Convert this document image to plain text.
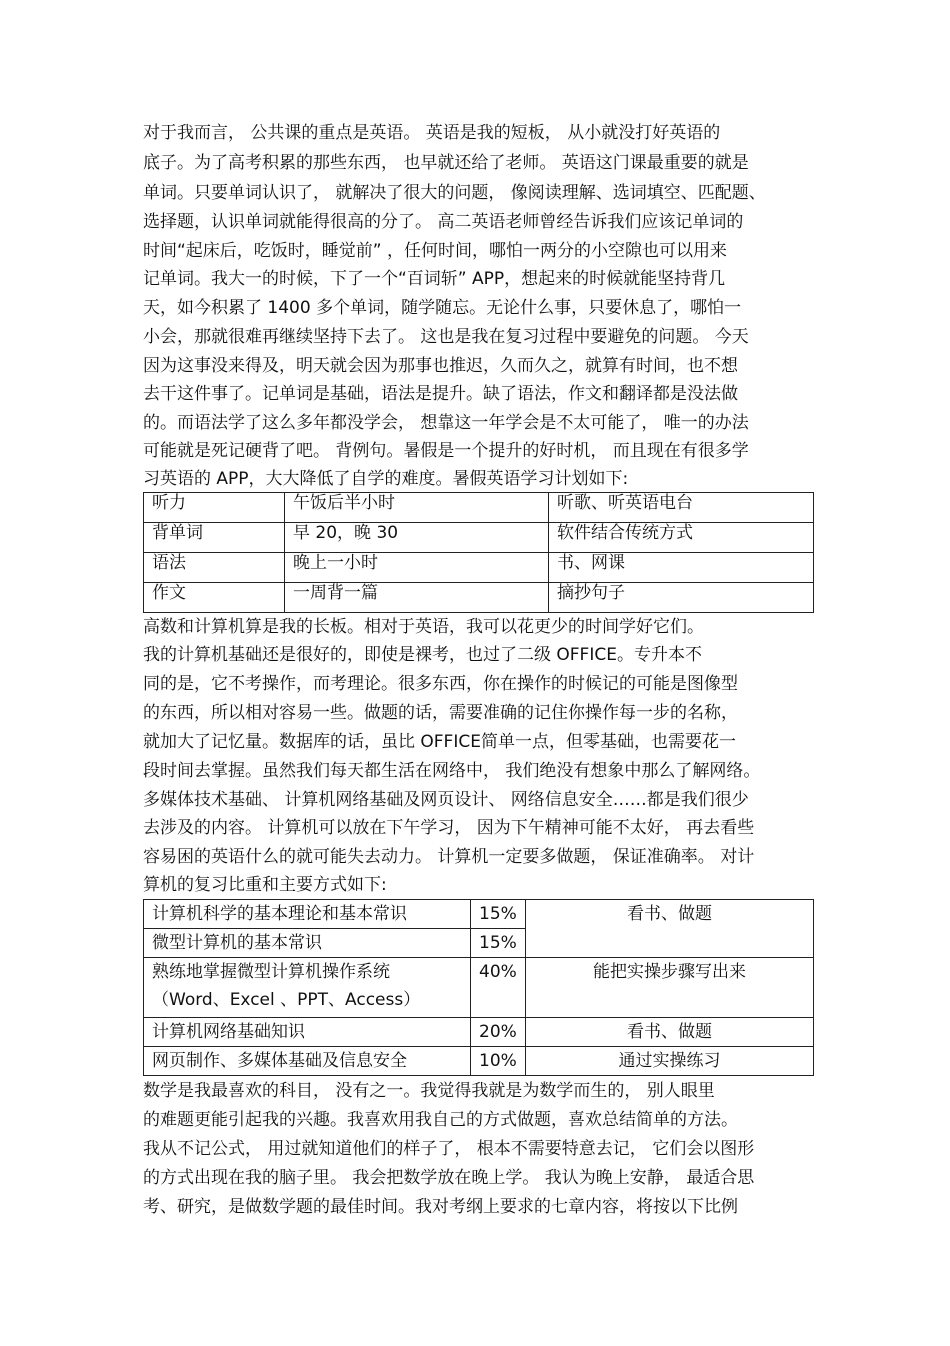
对于我而言， 公共课的重点是英语。 英语是我的短板， 从小就没打好英语的
底子。为了高考积累的那些东西， 也早就还给了老师。 英语这门课最重要的就是
单词。只要单词认识了， 就解决了很大的问题， 像阅读理解、选词填空、匹配题、
选择题，认识单词就能得很高的分了。 高二英语老师曾经告诉我们应该记单词的
时间“起床后，吃饭时，睡觉前” ，任何时间，哪怕一两分的小空隙也可以用来
记单词。我大一的时候，下了一个“百词斩” APP，想起来的时候就能坚持背几
天，如今积累了 1400 多个单词，随学随忘。无论什么事，只要休息了，哪怕一
小会，那就很难再继续坚持下去了。 这也是我在复习过程中要避免的问题。 今天
因为这事没来得及，明天就会因为那事也推迟，久而久之，就算有时间，也不想
去干这件事了。记单词是基础，语法是提升。缺了语法，作文和翻译都是没法做
的。而语法学了这么多年都没学会， 想靠这一年学会是不太可能了， 唯一的办法
可能就是死记硬背了吧。 背例句。暑假是一个提升的好时机， 而且现在有很多学
习英语的 APP，大大降低了自学的难度。暑假英语学习计划如下:
听力	午饭后半小时	听歌、听英语电台
背单词	早 20，晚 30	软件结合传统方式
语法	晚上一小时	书、网课
作文	一周背一篇	摘抄句子
高数和计算机算是我的长板。相对于英语，我可以花更少的时间学好它们。
我的计算机基础还是很好的，即使是裸考，也过了二级 OFFICE。专升本不
同的是，它不考操作，而考理论。很多东西，你在操作的时候记的可能是图像型
的东西，所以相对容易一些。做题的话，需要准确的记住你操作每一步的名称，
就加大了记忆量。数据库的话，虽比 OFFICE简单一点，但零基础，也需要花一
段时间去掌握。虽然我们每天都生活在网络中， 我们绝没有想象中那么了解网络。
多媒体技术基础、 计算机网络基础及网页设计、 网络信息安全……都是我们很少
去涉及的内容。 计算机可以放在下午学习， 因为下午精神可能不太好， 再去看些
容易困的英语什么的就可能失去动力。 计算机一定要多做题， 保证准确率。 对计
算机的复习比重和主要方式如下:
计算机科学的基本理论和基本常识	15%	看书、做题
微型计算机的基本常识	15%	

熟练地掌握微型计算机操作系统
（Word、Excel 、PPT、Access）	40%	能把实操步骤写出来
计算机网络基础知识	20%	看书、做题
网页制作、多媒体基础及信息安全	10%	通过实操练习
数学是我最喜欢的科目， 没有之一。我觉得我就是为数学而生的， 别人眼里
的难题更能引起我的兴趣。我喜欢用我自己的方式做题，喜欢总结简单的方法。
我从不记公式， 用过就知道他们的样子了， 根本不需要特意去记， 它们会以图形
的方式出现在我的脑子里。 我会把数学放在晚上学。 我认为晚上安静， 最适合思
考、研究，是做数学题的最佳时间。我对考纲上要求的七章内容，将按以下比例
